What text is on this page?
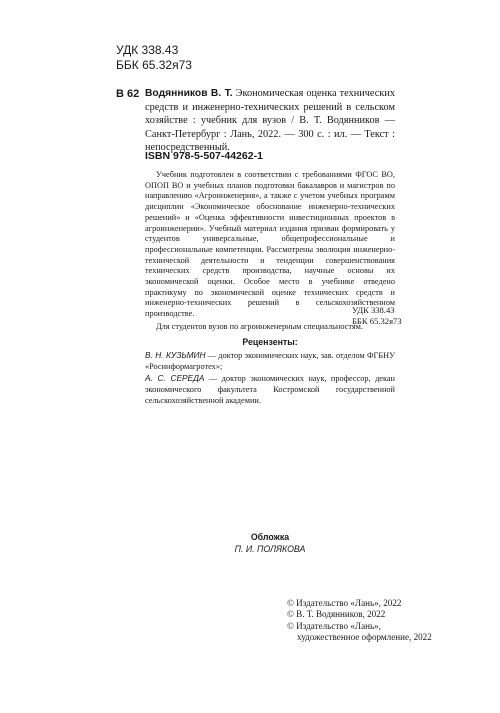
УДК 338.43
ББК 65.32я73
В 62 Водянников В. Т. Экономическая оценка технических средств и инженерно-технических решений в сельском хозяйстве : учебник для вузов / В. Т. Водянников — Санкт-Петербург : Лань, 2022. — 300 с. : ил. — Текст : непосредственный.
ISBN 978-5-507-44262-1

Учебник подготовлен в соответствии с требованиями ФГОС ВО, ОПОП ВО и учебных планов подготовки бакалавров и магистров по направлению «Агроинженерия», а также с учетом учебных программ дисциплин «Экономическое обоснование инженерно-технических решений» и «Оценка эффективности инвестиционных проектов в агроинженерии». Учебный материал издания призван формировать у студентов универсальные, общепрофессиональные и профессиональные компетенции. Рассмотрены эволюция инженерно-технической деятельности и тенденции совершенствования технических средств производства, научные основы их экономической оценки. Особое место в учебнике отведено практикуму по экономической оценке технических средств и инженерно-технических решений в сельскохозяйственном производстве.

Для студентов вузов по агроинженерным специальностям.

УДК 338.43
ББК 65.32я73
Рецензенты:

В. Н. КУЗЬМИН — доктор экономических наук, зав. отделом ФГБНУ «Росинформагротех»;

А. С. СЕРЕДА — доктор экономических наук, профессор, декан экономического факультета Костромской государственной сельскохозяйственной академии.

Обложка
П. И. ПОЛЯКОВА
© Издательство «Лань», 2022
© В. Т. Водянников, 2022
© Издательство «Лань»,
художественное оформление, 2022
